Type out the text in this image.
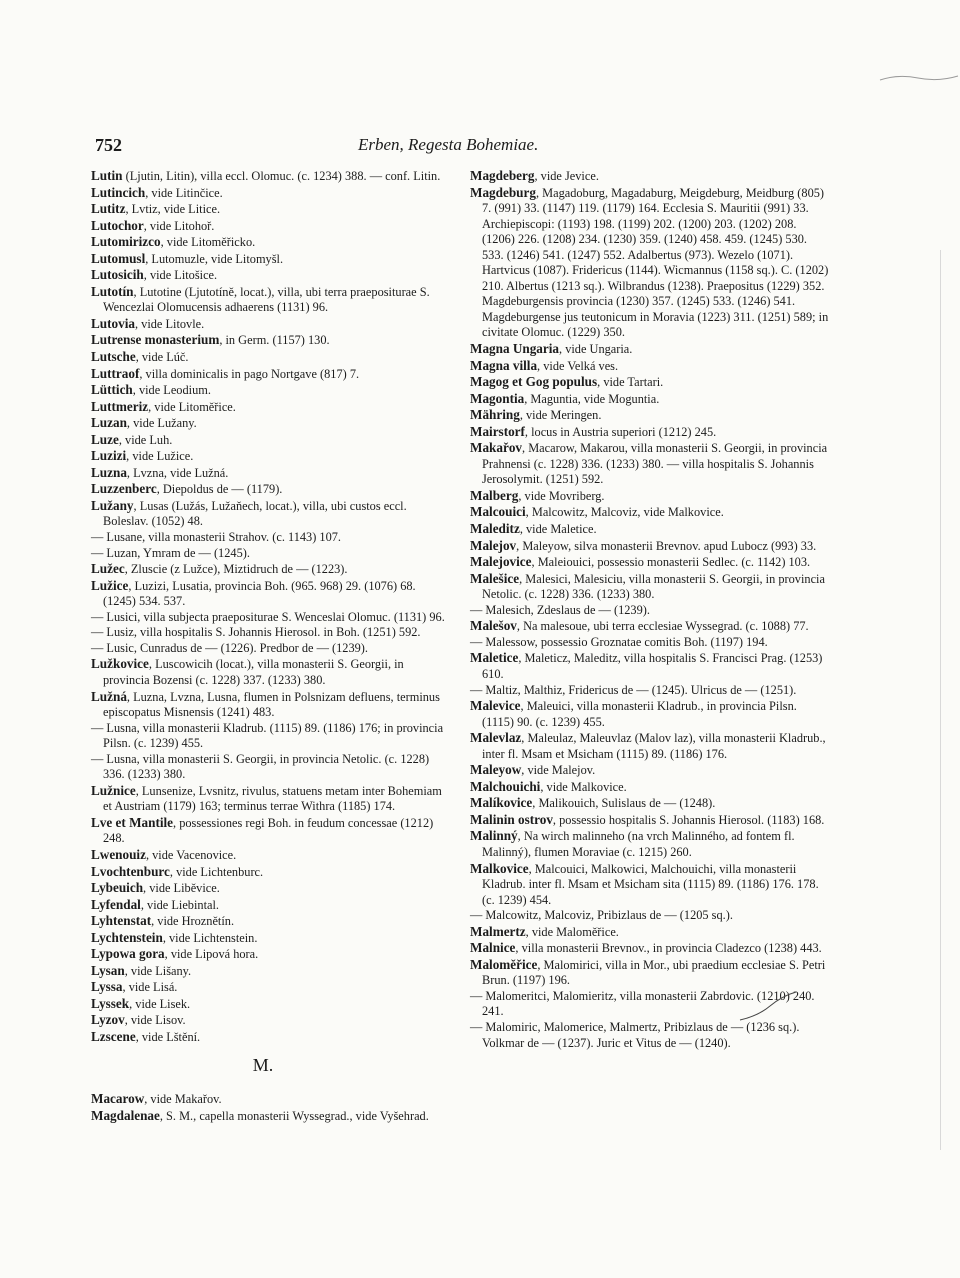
752	Erben, Regesta Bohemiae.

Lutin (Ljutin, Litin), villa eccl. Olomuc. (c. 1234) 388. — conf. Litin.

Lutincich, vide Litinčice.

Lutitz, Lvtiz, vide Litice.

Lutochor, vide Litohoř.

Lutomirizco, vide Litoměřicko.

Lutomusl, Lutomuzle, vide Litomyšl.

Lutosicih, vide Litošice.

Lutotín, Lutotine (Ljutotíně, locat.), villa, ubi terra praepositurae S. Wencezlai Olomucensis adhaerens (1131) 96.

Lutovia, vide Litovle.

Lutrense monasterium, in Germ. (1157) 130.

Lutsche, vide Lúč.

Luttraof, villa dominicalis in pago Nortgave (817) 7.

Lüttich, vide Leodium.

Luttmeriz, vide Litoměřice.

Luzan, vide Lužany.

Luze, vide Luh.

Luzizi, vide Lužice.

Luzna, Lvzna, vide Lužná.

Luzzenberc, Diepoldus de — (1179).

Lužany, Lusas (Lužás, Lužaňech, locat.), villa, ubi custos eccl. Boleslav. (1052) 48.

— Lusane, villa monasterii Strahov. (c. 1143) 107.

— Luzan, Ymram de — (1245).

Lužec, Zluscie (z Lužce), Miztidruch de — (1223).

Lužice, Luzizi, Lusatia, provincia Boh. (965. 968) 29. (1076) 68. (1245) 534. 537.

— Lusici, villa subjecta praepositurae S. Wenceslai Olomuc. (1131) 96.

— Lusiz, villa hospitalis S. Johannis Hierosol. in Boh. (1251) 592.

— Lusic, Cunradus de — (1226). Predbor de — (1239).

Lužkovice, Luscowicih (locat.), villa monasterii S. Georgii, in provincia Bozensi (c. 1228) 337. (1233) 380.

Lužná, Luzna, Lvzna, Lusna, flumen in Polsnizam defluens, terminus episcopatus Misnensis (1241) 483.

— Lusna, villa monasterii Kladrub. (1115) 89. (1186) 176; in provincia Pilsn. (c. 1239) 455.

— Lusna, villa monasterii S. Georgii, in provincia Netolic. (c. 1228) 336. (1233) 380.

Lužnice, Lunsenize, Lvsnitz, rivulus, statuens metam inter Bohemiam et Austriam (1179) 163; terminus terrae Withra (1185) 174.

Lve et Mantile, possessiones regi Boh. in feudum concessae (1212) 248.

Lwenouiz, vide Vacenovice.

Lvochtenburc, vide Lichtenburc.

Lybeuich, vide Liběvice.

Lyfendal, vide Liebintal.

Lyhtenstat, vide Hroznětín.

Lychtenstein, vide Lichtenstein.

Lypowa gora, vide Lipová hora.

Lysan, vide Lišany.

Lyssa, vide Lisá.

Lyssek, vide Lisek.

Lyzov, vide Lisov.

Lzscene, vide Lštění.

M.

Macarow, vide Makařov.

Magdalenae, S. M., capella monasterii Wyssegrad., vide Vyšehrad.

Magdeberg, vide Jevice.

Magdeburg, Magadoburg, Magadaburg, Meigdeburg, Meidburg (805) 7. (991) 33. (1147) 119. (1179) 164. Ecclesia S. Mauritii (991) 33. Archiepiscopi: (1193) 198. (1199) 202. (1200) 203. (1202) 208. (1206) 226. (1208) 234. (1230) 359. (1240) 458. 459. (1245) 530. 533. (1246) 541. (1247) 552. Adalbertus (973). Wezelo (1071). Hartvicus (1087). Fridericus (1144). Wicmannus (1158 sq.). C. (1202) 210. Albertus (1213 sq.). Wilbrandus (1238). Praepositus (1229) 352. Magdeburgensis provincia (1230) 357. (1245) 533. (1246) 541. Magdeburgense jus teutonicum in Moravia (1223) 311. (1251) 589; in civitate Olomuc. (1229) 350.

Magna Ungaria, vide Ungaria.

Magna villa, vide Velká ves.

Magog et Gog populus, vide Tartari.

Magontia, Maguntia, vide Moguntia.

Mähring, vide Meringen.

Mairstorf, locus in Austria superiori (1212) 245.

Makařov, Macarow, Makarou, villa monasterii S. Georgii, in provincia Prahnensi (c. 1228) 336. (1233) 380. — villa hospitalis S. Johannis Jerosolymit. (1251) 592.

Malberg, vide Movriberg.

Malcouici, Malcowitz, Malcoviz, vide Malkovice.

Maleditz, vide Malеtice.

Malejov, Maleyow, silva monasterii Brevnov. apud Lubocz (993) 33.

Malejovice, Maleiouici, possessio monasterii Sedlec. (c. 1142) 103.

Malešice, Malesici, Malesiciu, villa monasterii S. Georgii, in provincia Netolic. (c. 1228) 336. (1233) 380.

— Malesich, Zdeslaus de — (1239).

Malešov, Na malesoue, ubi terra ecclesiae Wyssegrad. (c. 1088) 77.

— Malessow, possessio Groznatae comitis Boh. (1197) 194.

Maletice, Maleticz, Maleditz, villa hospitalis S. Francisci Prag. (1253) 610.

— Maltiz, Malthiz, Fridericus de — (1245). Ulricus de — (1251).

Malevice, Maleuici, villa monasterii Kladrub., in provincia Pilsn. (1115) 90. (c. 1239) 455.

Malevlaz, Maleulaz, Maleuvlaz (Malov laz), villa monasterii Kladrub., inter fl. Msam et Msicham (1115) 89. (1186) 176.

Maleyow, vide Malejov.

Malchouichi, vide Malkovice.

Malíkovice, Malikouich, Sulislaus de — (1248).

Malinin ostrov, possessio hospitalis S. Johannis Hierosol. (1183) 168.

Malinný, Na wirch malinneho (na vrch Malinného, ad fontem fl. Malinný), flumen Moraviae (c. 1215) 260.

Malkovice, Malcouici, Malkowici, Malchouichi, villa monasterii Kladrub. inter fl. Msam et Msicham sita (1115) 89. (1186) 176. 178. (c. 1239) 454.

— Malcowitz, Malcoviz, Pribizlaus de — (1205 sq.).

Malmertz, vide Maloměřice.

Malnice, villa monasterii Brevnov., in provincia Cladezco (1238) 443.

Maloměřice, Malomirici, villa in Mor., ubi praedium ecclesiae S. Petri Brun. (1197) 196.

— Malomeritci, Malomieritz, villa monasterii Zabrdovic. (1210) 240. 241.

— Malomirіc, Malomerice, Malmertz, Pribizlaus de — (1236 sq.). Volkmar de — (1237). Juric et Vitus de — (1240).
